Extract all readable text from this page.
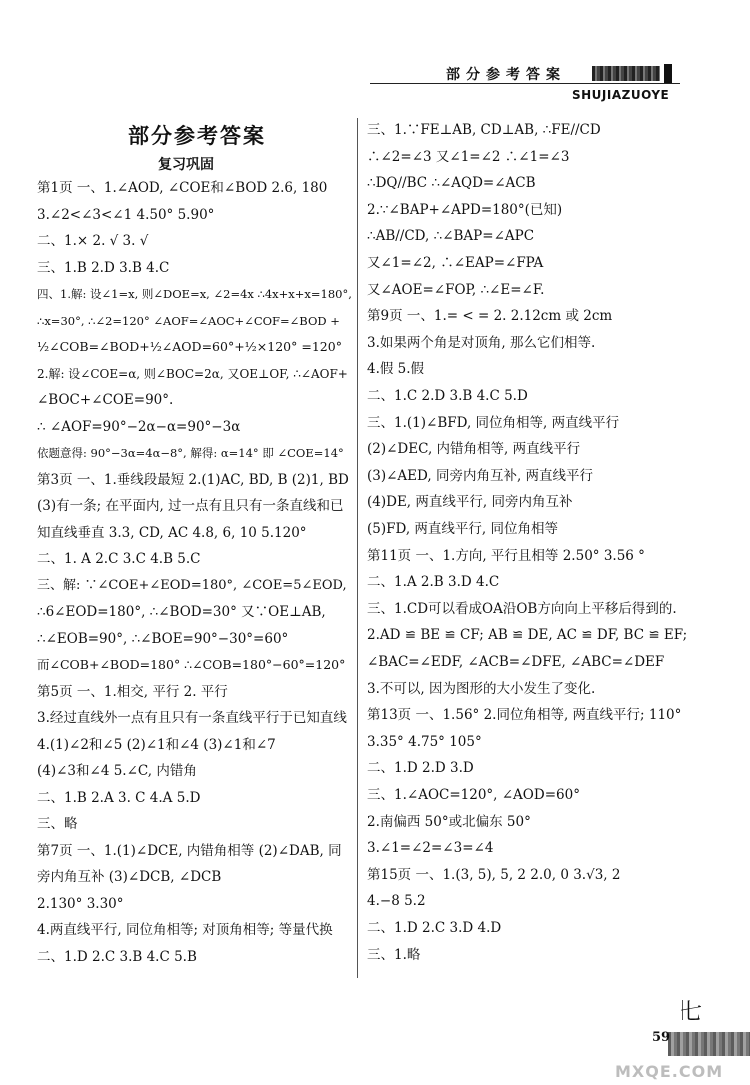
部分参考答案
SHUJIAZUOYE
部分参考答案
复习巩固
第1页 一、1.∠AOD, ∠COE和∠BOD 2.6, 180
3.∠2<∠3<∠1 4.50° 5.90°
二、1.× 2. √ 3. √
三、1.B 2.D 3.B 4.C
四、1.解: 设∠1=x, 则∠DOE=x, ∠2=4x ∴4x+x+x=180°,
∴x=30°, ∴∠2=120° ∠AOF=∠AOC+∠COF=∠BOD +
½∠COB=∠BOD+½∠AOD=60°+½×120° =120°
2.解: 设∠COE=α, 则∠BOC=2α, 又OE⊥OF, ∴∠AOF+
∠BOC+∠COE=90°.
∴ ∠AOF=90°−2α−α=90°−3α
依题意得: 90°−3α=4α−8°, 解得: α=14° 即 ∠COE=14°
第3页 一、1.垂线段最短 2.(1)AC, BD, B (2)1, BD
(3)有一条; 在平面内, 过一点有且只有一条直线和已
知直线垂直 3.3, CD, AC 4.8, 6, 10 5.120°
二、1. A 2.C 3.C 4.B 5.C
三、解: ∵∠COE+∠EOD=180°, ∠COE=5∠EOD,
∴6∠EOD=180°, ∴∠BOD=30° 又∵OE⊥AB,
∴∠EOB=90°, ∴∠BOE=90°−30°=60°
而∠COB+∠BOD=180° ∴∠COB=180°−60°=120°
第5页 一、1.相交, 平行 2. 平行
3.经过直线外一点有且只有一条直线平行于已知直线
4.(1)∠2和∠5 (2)∠1和∠4 (3)∠1和∠7
(4)∠3和∠4 5.∠C, 内错角
二、1.B 2.A 3. C 4.A 5.D
三、略
第7页 一、1.(1)∠DCE, 内错角相等 (2)∠DAB, 同
旁内角互补 (3)∠DCB, ∠DCB
2.130° 3.30°
4.两直线平行, 同位角相等; 对顶角相等; 等量代换
二、1.D 2.C 3.B 4.C 5.B
三、1.∵FE⊥AB, CD⊥AB, ∴FE//CD
∴∠2=∠3 又∠1=∠2 ∴∠1=∠3
∴DQ//BC ∴∠AQD=∠ACB
2.∵∠BAP+∠APD=180°(已知)
∴AB//CD, ∴∠BAP=∠APC
又∠1=∠2, ∴∠EAP=∠FPA
又∠AOE=∠FOP, ∴∠E=∠F.
第9页 一、1.= < = 2. 2.12cm 或 2cm
3.如果两个角是对顶角, 那么它们相等.
4.假 5.假
二、1.C 2.D 3.B 4.C 5.D
三、1.(1)∠BFD, 同位角相等, 两直线平行
(2)∠DEC, 内错角相等, 两直线平行
(3)∠AED, 同旁内角互补, 两直线平行
(4)DE, 两直线平行, 同旁内角互补
(5)FD, 两直线平行, 同位角相等
第11页 一、1.方向, 平行且相等 2.50° 3.56 °
二、1.A 2.B 3.D 4.C
三、1.CD可以看成OA沿OB方向向上平移后得到的.
2.AD ≌ BE ≌ CF; AB ≌ DE, AC ≌ DF, BC ≌ EF;
∠BAC=∠EDF, ∠ACB=∠DFE, ∠ABC=∠DEF
3.不可以, 因为图形的大小发生了变化.
第13页 一、1.56° 2.同位角相等, 两直线平行; 110°
3.35° 4.75° 105°
二、1.D 2.D 3.D
三、1.∠AOC=120°, ∠AOD=60°
2.南偏西 50°或北偏东 50°
3.∠1=∠2=∠3=∠4
第15页 一、1.(3, 5), 5, 2 2.0, 0 3.√3, 2
4.−8 5.2
二、1.D 2.C 3.D 4.D
三、1.略
七
59
MXQE.COM
